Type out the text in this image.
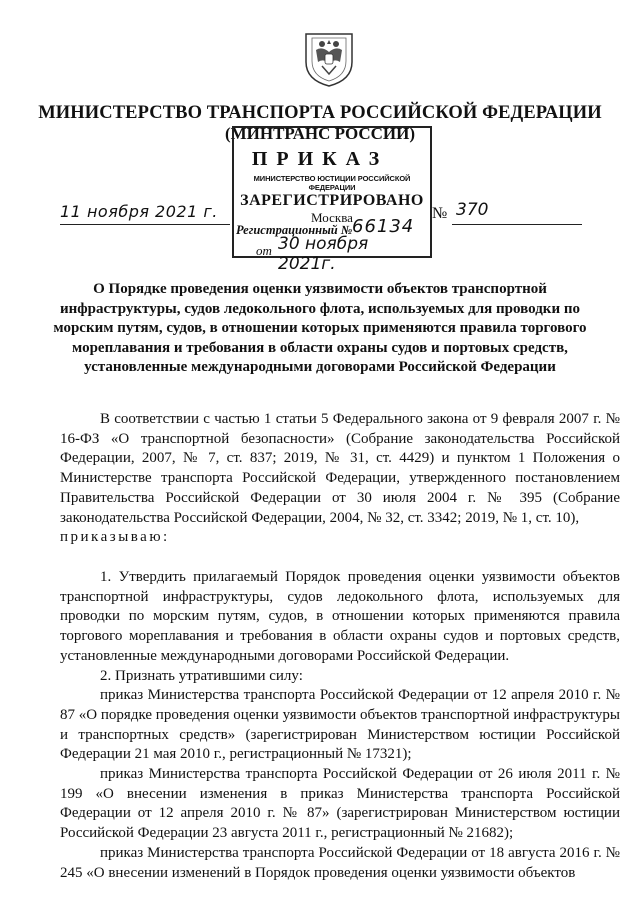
МИНИСТЕРСТВО ТРАНСПОРТА РОССИЙСКОЙ ФЕДЕРАЦИИ
(МИНТРАНС РОССИИ)
ПРИКАЗ
МИНИСТЕРСТВО ЮСТИЦИИ РОССИЙСКОЙ ФЕДЕРАЦИИ
ЗАРЕГИСТРИРОВАНО
Москва
Регистрационный № 66134
от 30 ноября 2021г.
11 ноября 2021 г.	№ 370
О Порядке проведения оценки уязвимости объектов транспортной инфраструктуры, судов ледокольного флота, используемых для проводки по морским путям, судов, в отношении которых применяются правила торгового мореплавания и требования в области охраны судов и портовых средств, установленные международными договорами Российской Федерации

В соответствии с частью 1 статьи 5 Федерального закона от 9 февраля 2007 г. № 16-ФЗ «О транспортной безопасности» (Собрание законодательства Российской Федерации, 2007, № 7, ст. 837; 2019, № 31, ст. 4429) и пунктом 1 Положения о Министерстве транспорта Российской Федерации, утвержденного постановлением Правительства Российской Федерации от 30 июля 2004 г. № 395 (Собрание законодательства Российской Федерации, 2004, № 32, ст. 3342; 2019, № 1, ст. 10),

приказываю:

1. Утвердить прилагаемый Порядок проведения оценки уязвимости объектов транспортной инфраструктуры, судов ледокольного флота, используемых для проводки по морским путям, судов, в отношении которых применяются правила торгового мореплавания и требования в области охраны судов и портовых средств, установленные международными договорами Российской Федерации.

2. Признать утратившими силу:

приказ Министерства транспорта Российской Федерации от 12 апреля 2010 г. № 87 «О порядке проведения оценки уязвимости объектов транспортной инфраструктуры и транспортных средств» (зарегистрирован Министерством юстиции Российской Федерации 21 мая 2010 г., регистрационный № 17321);

приказ Министерства транспорта Российской Федерации от 26 июля 2011 г. № 199 «О внесении изменения в приказ Министерства транспорта Российской Федерации от 12 апреля 2010 г. № 87» (зарегистрирован Министерством юстиции Российской Федерации 23 августа 2011 г., регистрационный № 21682);

приказ Министерства транспорта Российской Федерации от 18 августа 2016 г. № 245 «О внесении изменений в Порядок проведения оценки уязвимости объектов
